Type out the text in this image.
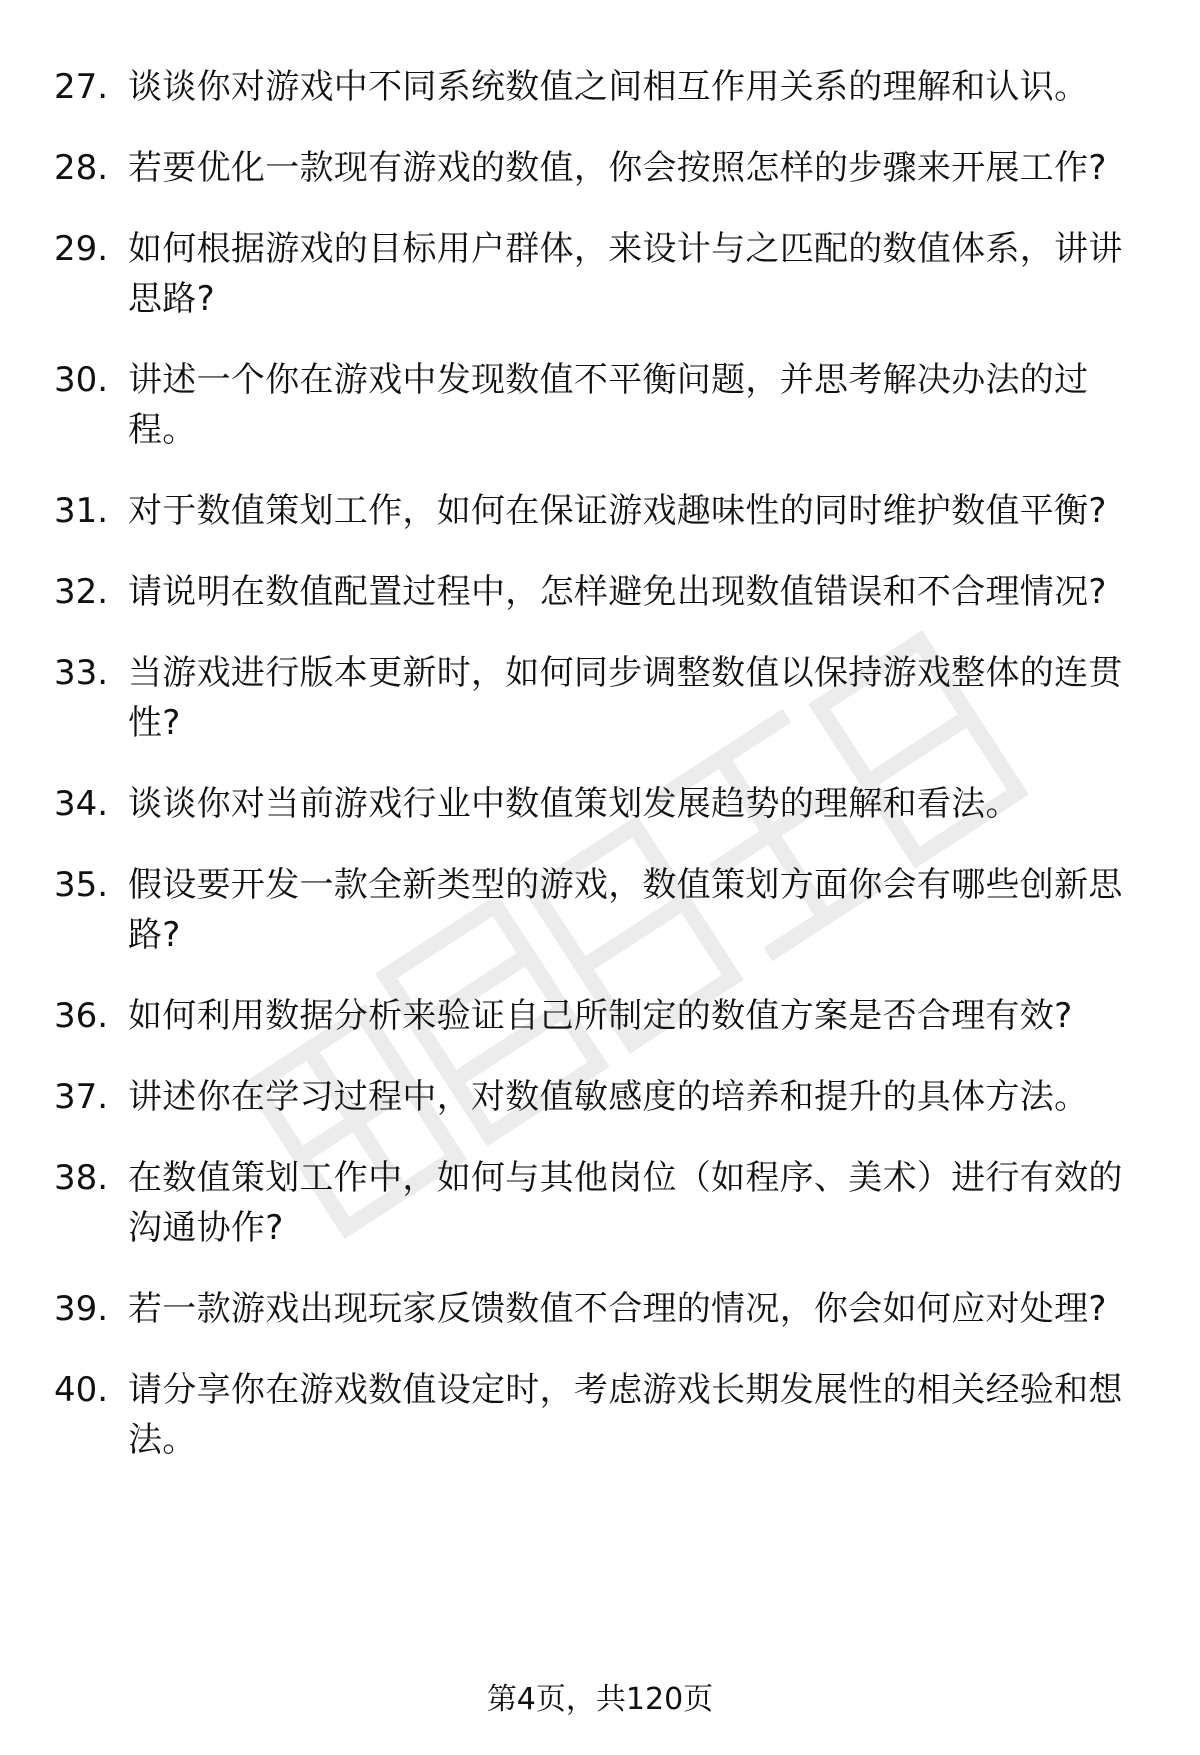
27. 谈谈你对游戏中不同系统数值之间相互作用关系的理解和认识。
28. 若要优化一款现有游戏的数值，你会按照怎样的步骤来开展工作?
29. 如何根据游戏的目标用户群体，来设计与之匹配的数值体系，讲讲思路?
30. 讲述一个你在游戏中发现数值不平衡问题，并思考解决办法的过程。
31. 对于数值策划工作，如何在保证游戏趣味性的同时维护数值平衡?
32. 请说明在数值配置过程中，怎样避免出现数值错误和不合理情况?
33. 当游戏进行版本更新时，如何同步调整数值以保持游戏整体的连贯性?
34. 谈谈你对当前游戏行业中数值策划发展趋势的理解和看法。
35. 假设要开发一款全新类型的游戏，数值策划方面你会有哪些创新思路?
36. 如何利用数据分析来验证自己所制定的数值方案是否合理有效?
37. 讲述你在学习过程中，对数值敏感度的培养和提升的具体方法。
38. 在数值策划工作中，如何与其他岗位（如程序、美术）进行有效的沟通协作?
39. 若一款游戏出现玩家反馈数值不合理的情况，你会如何应对处理?
40. 请分享你在游戏数值设定时，考虑游戏长期发展性的相关经验和想法。
第4页，共120页
